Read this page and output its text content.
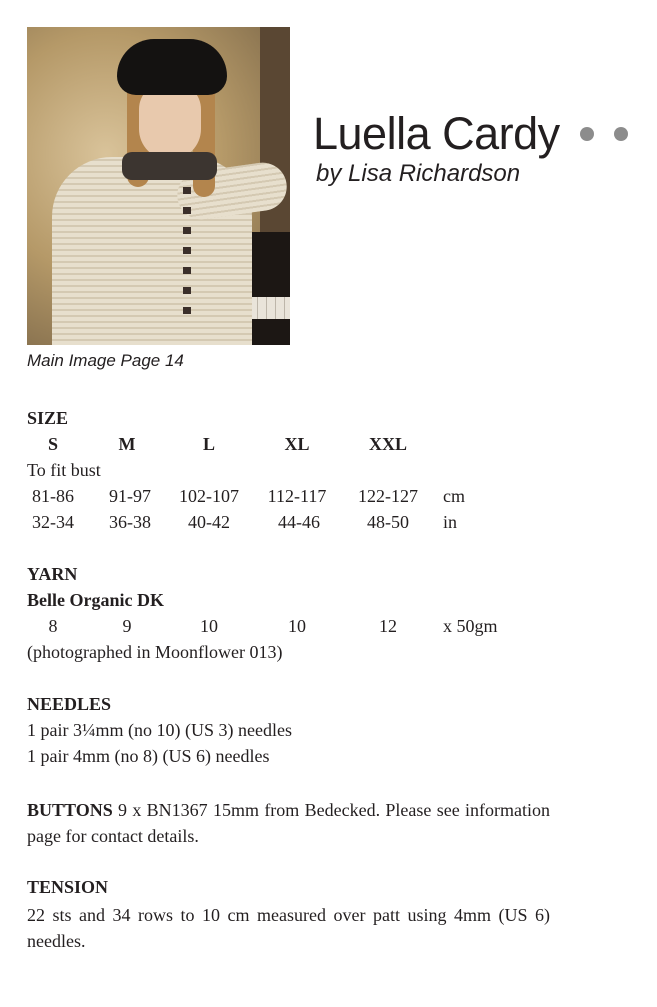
Luella Cardy
by Lisa Richardson
Main Image Page 14
SIZE
S	M	L	XL	XXL
To fit bust
81-86 91-97 102-107 112-117 122-127 cm
32-34 36-38 40-42	44-46	48-50 in
YARN
Belle Organic DK
8	9	10	10	12	x 50gm
(photographed in Moonflower 013)
NEEDLES
1 pair 3¼mm (no 10) (US 3) needles
1 pair 4mm (no 8) (US 6) needles
BUTTONS 9 x BN1367 15mm from Bedecked. Please see information page for contact details.
TENSION
22 sts and 34 rows to 10 cm measured over patt using 4mm (US 6) needles.
